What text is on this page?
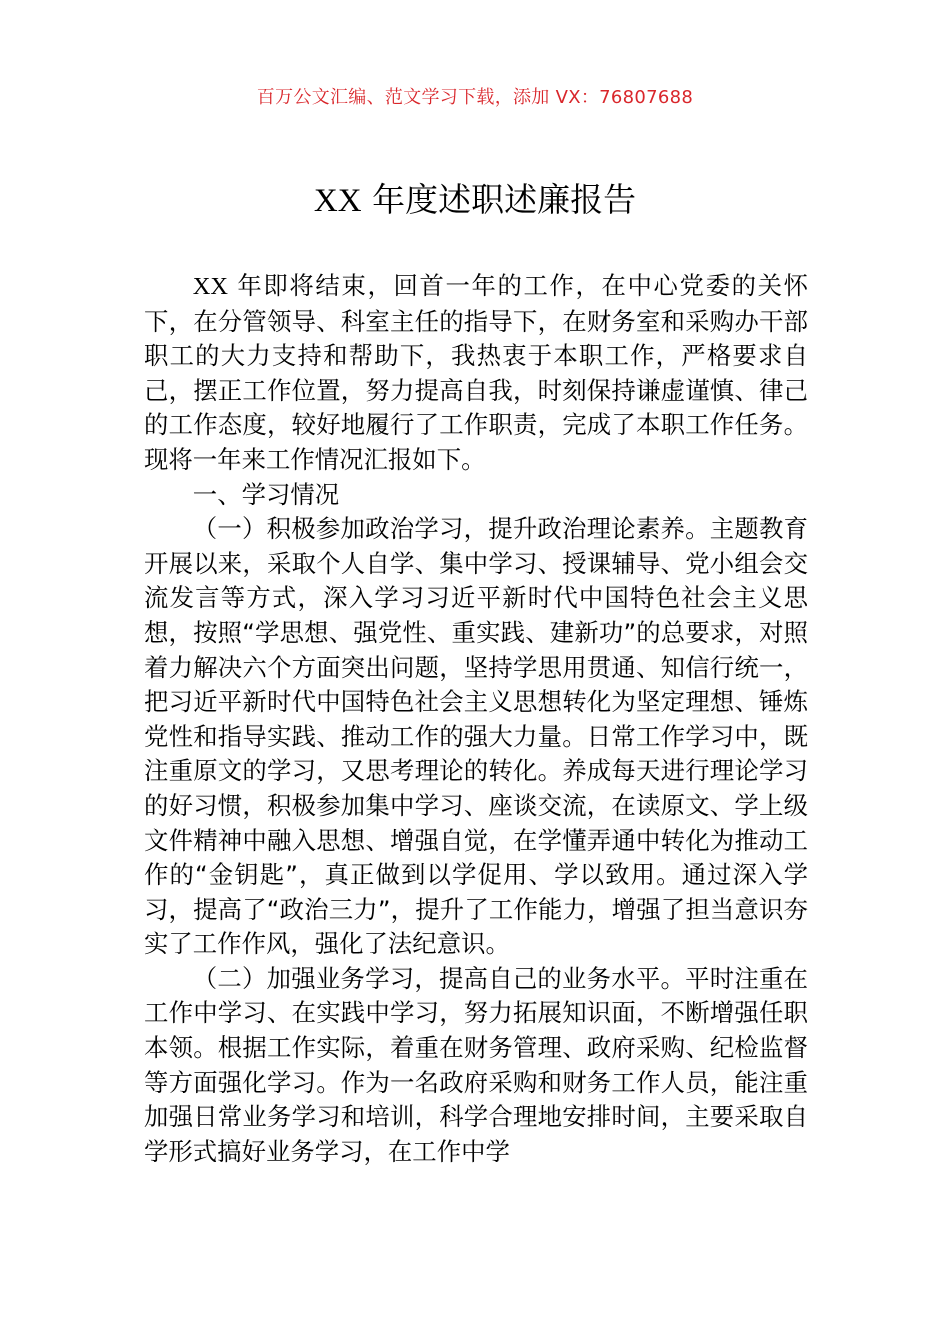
百万公文汇编、范文学习下载，添加 VX：76807688
XX 年度述职述廉报告

XX 年即将结束，回首一年的工作，在中心党委的关怀下，在分管领导、科室主任的指导下，在财务室和采购办干部职工的大力支持和帮助下，我热衷于本职工作，严格要求自己，摆正工作位置，努力提高自我，时刻保持谦虚谨慎、律己的工作态度，较好地履行了工作职责，完成了本职工作任务。现将一年来工作情况汇报如下。

一、学习情况

（一）积极参加政治学习，提升政治理论素养。主题教育开展以来，采取个人自学、集中学习、授课辅导、党小组会交流发言等方式，深入学习习近平新时代中国特色社会主义思想，按照“学思想、强党性、重实践、建新功”的总要求，对照着力解决六个方面突出问题，坚持学思用贯通、知信行统一，把习近平新时代中国特色社会主义思想转化为坚定理想、锤炼党性和指导实践、推动工作的强大力量。日常工作学习中，既注重原文的学习，又思考理论的转化。养成每天进行理论学习的好习惯，积极参加集中学习、座谈交流，在读原文、学上级文件精神中融入思想、增强自觉，在学懂弄通中转化为推动工作的“金钥匙”，真正做到以学促用、学以致用。通过深入学习，提高了“政治三力”，提升了工作能力，增强了担当意识夯实了工作作风，强化了法纪意识。

（二）加强业务学习，提高自己的业务水平。平时注重在工作中学习、在实践中学习，努力拓展知识面，不断增强任职本领。根据工作实际，着重在财务管理、政府采购、纪检监督等方面强化学习。作为一名政府采购和财务工作人员，能注重加强日常业务学习和培训，科学合理地安排时间，主要采取自学形式搞好业务学习，在工作中学
